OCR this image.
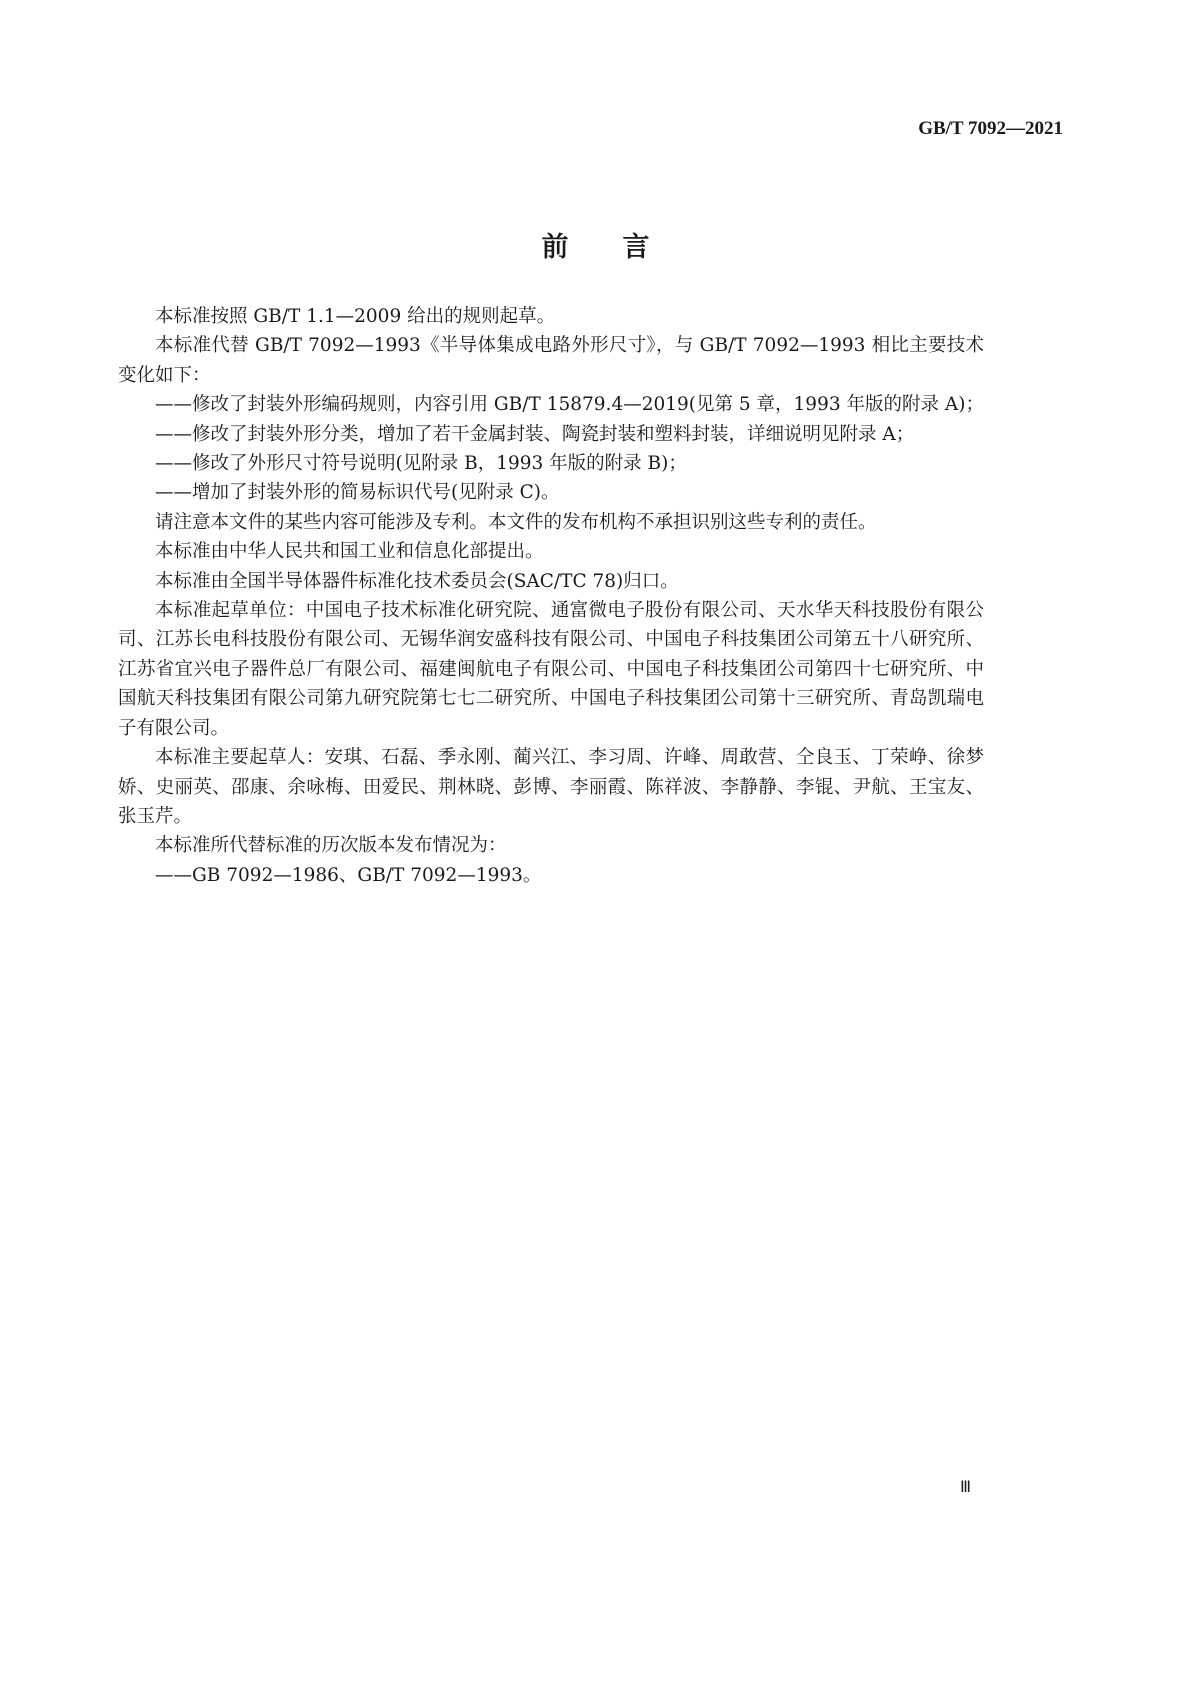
GB/T 7092—2021
前言

本标准按照 GB/T 1.1—2009 给出的规则起草。

本标准代替 GB/T 7092—1993《半导体集成电路外形尺寸》，与 GB/T 7092—1993 相比主要技术变化如下：

——修改了封装外形编码规则，内容引用 GB/T 15879.4—2019(见第 5 章，1993 年版的附录 A)；

——修改了封装外形分类，增加了若干金属封装、陶瓷封装和塑料封装，详细说明见附录 A；

——修改了外形尺寸符号说明(见附录 B，1993 年版的附录 B)；

——增加了封装外形的简易标识代号(见附录 C)。

请注意本文件的某些内容可能涉及专利。本文件的发布机构不承担识别这些专利的责任。

本标准由中华人民共和国工业和信息化部提出。

本标准由全国半导体器件标准化技术委员会(SAC/TC 78)归口。

本标准起草单位：中国电子技术标准化研究院、通富微电子股份有限公司、天水华天科技股份有限公司、江苏长电科技股份有限公司、无锡华润安盛科技有限公司、中国电子科技集团公司第五十八研究所、江苏省宜兴电子器件总厂有限公司、福建闽航电子有限公司、中国电子科技集团公司第四十七研究所、中国航天科技集团有限公司第九研究院第七七二研究所、中国电子科技集团公司第十三研究所、青岛凯瑞电子有限公司。

本标准主要起草人：安琪、石磊、季永刚、蔺兴江、李习周、许峰、周敢营、仝良玉、丁荣峥、徐梦娇、史丽英、邵康、余咏梅、田爱民、荆林晓、彭博、李丽霞、陈祥波、李静静、李锟、尹航、王宝友、张玉芹。

本标准所代替标准的历次版本发布情况为：

——GB 7092—1986、GB/T 7092—1993。

Ⅲ
